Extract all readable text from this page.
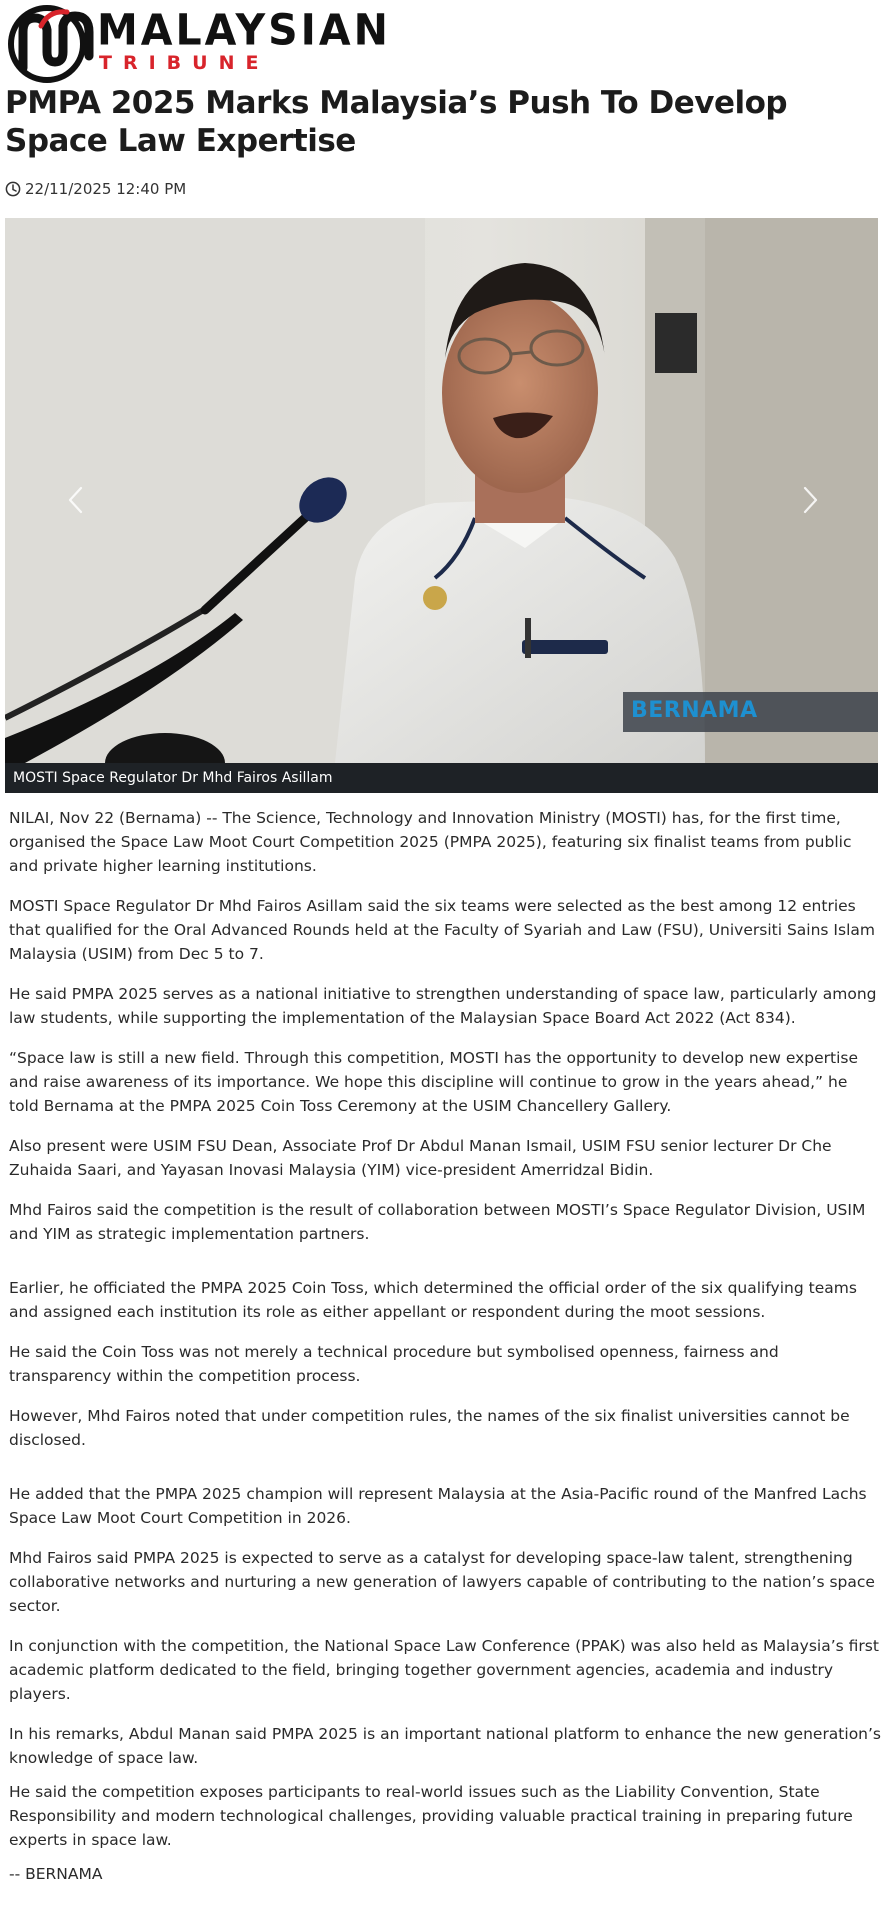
MALAYSIAN
TRIBUNE
PMPA 2025 Marks Malaysia’s Push To Develop Space Law Expertise
22/11/2025 12:40 PM
BERNAMA
MOSTI Space Regulator Dr Mhd Fairos Asillam

NILAI, Nov 22 (Bernama) -- The Science, Technology and Innovation Ministry (MOSTI) has, for the first time, organised the Space Law Moot Court Competition 2025 (PMPA 2025), featuring six finalist teams from public and private higher learning institutions.

MOSTI Space Regulator Dr Mhd Fairos Asillam said the six teams were selected as the best among 12 entries that qualified for the Oral Advanced Rounds held at the Faculty of Syariah and Law (FSU), Universiti Sains Islam Malaysia (USIM) from Dec 5 to 7.

He said PMPA 2025 serves as a national initiative to strengthen understanding of space law, particularly among law students, while supporting the implementation of the Malaysian Space Board Act 2022 (Act 834).

“Space law is still a new field. Through this competition, MOSTI has the opportunity to develop new expertise and raise awareness of its importance. We hope this discipline will continue to grow in the years ahead,” he told Bernama at the PMPA 2025 Coin Toss Ceremony at the USIM Chancellery Gallery.

Also present were USIM FSU Dean, Associate Prof Dr Abdul Manan Ismail, USIM FSU senior lecturer Dr Che Zuhaida Saari, and Yayasan Inovasi Malaysia (YIM) vice-president Amerridzal Bidin.

Mhd Fairos said the competition is the result of collaboration between MOSTI’s Space Regulator Division, USIM and YIM as strategic implementation partners.

Earlier, he officiated the PMPA 2025 Coin Toss, which determined the official order of the six qualifying teams and assigned each institution its role as either appellant or respondent during the moot sessions.

He said the Coin Toss was not merely a technical procedure but symbolised openness, fairness and transparency within the competition process.

However, Mhd Fairos noted that under competition rules, the names of the six finalist universities cannot be disclosed.

He added that the PMPA 2025 champion will represent Malaysia at the Asia-Pacific round of the Manfred Lachs Space Law Moot Court Competition in 2026.

Mhd Fairos said PMPA 2025 is expected to serve as a catalyst for developing space-law talent, strengthening collaborative networks and nurturing a new generation of lawyers capable of contributing to the nation’s space sector.

In conjunction with the competition, the National Space Law Conference (PPAK) was also held as Malaysia’s first academic platform dedicated to the field, bringing together government agencies, academia and industry players.

In his remarks, Abdul Manan said PMPA 2025 is an important national platform to enhance the new generation’s knowledge of space law.

He said the competition exposes participants to real-world issues such as the Liability Convention, State Responsibility and modern technological challenges, providing valuable practical training in preparing future experts in space law.

-- BERNAMA
